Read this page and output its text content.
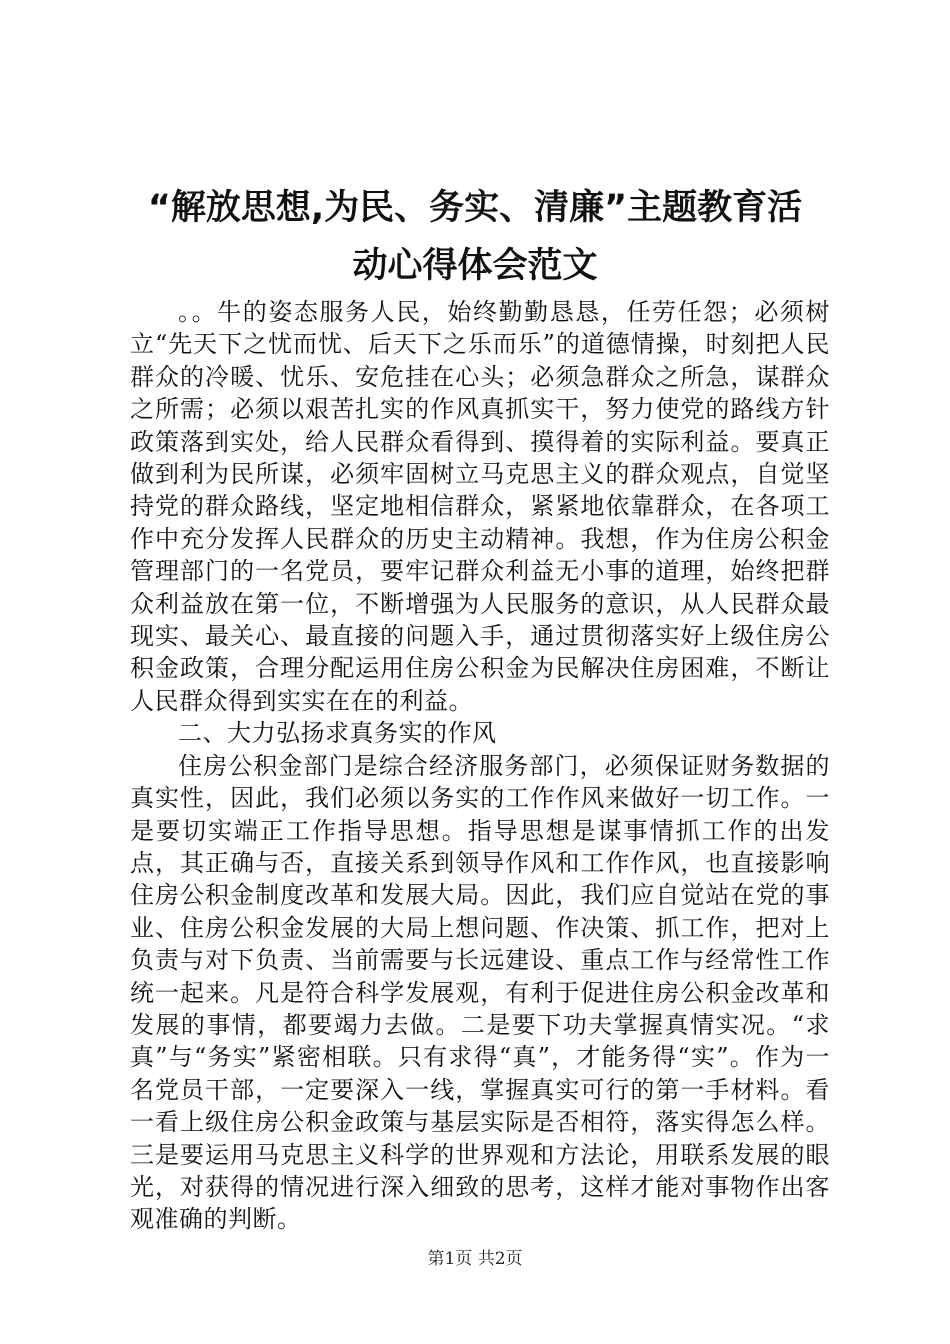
“解放思想,为民、务实、清廉”主题教育活
动心得体会范文

。。牛的姿态服务人民，始终勤勤恳恳，任劳任怨；必须树立“先天下之忧而忧、后天下之乐而乐”的道德情操，时刻把人民群众的冷暖、忧乐、安危挂在心头；必须急群众之所急，谋群众之所需；必须以艰苦扎实的作风真抓实干，努力使党的路线方针政策落到实处，给人民群众看得到、摸得着的实际利益。要真正做到利为民所谋，必须牢固树立马克思主义的群众观点，自觉坚持党的群众路线，坚定地相信群众，紧紧地依靠群众，在各项工作中充分发挥人民群众的历史主动精神。我想，作为住房公积金管理部门的一名党员，要牢记群众利益无小事的道理，始终把群众利益放在第一位，不断增强为人民服务的意识，从人民群众最现实、最关心、最直接的问题入手，通过贯彻落实好上级住房公积金政策，合理分配运用住房公积金为民解决住房困难，不断让人民群众得到实实在在的利益。

二、大力弘扬求真务实的作风

住房公积金部门是综合经济服务部门，必须保证财务数据的真实性，因此，我们必须以务实的工作作风来做好一切工作。一是要切实端正工作指导思想。指导思想是谋事情抓工作的出发点，其正确与否，直接关系到领导作风和工作作风，也直接影响住房公积金制度改革和发展大局。因此，我们应自觉站在党的事业、住房公积金发展的大局上想问题、作决策、抓工作，把对上负责与对下负责、当前需要与长远建设、重点工作与经常性工作统一起来。凡是符合科学发展观，有利于促进住房公积金改革和发展的事情，都要竭力去做。二是要下功夫掌握真情实况。“求真”与“务实”紧密相联。只有求得“真”，才能务得“实”。作为一名党员干部，一定要深入一线，掌握真实可行的第一手材料。看一看上级住房公积金政策与基层实际是否相符，落实得怎么样。三是要运用马克思主义科学的世界观和方法论，用联系发展的眼光，对获得的情况进行深入细致的思考，这样才能对事物作出客观准确的判断。

第1页 共2页
